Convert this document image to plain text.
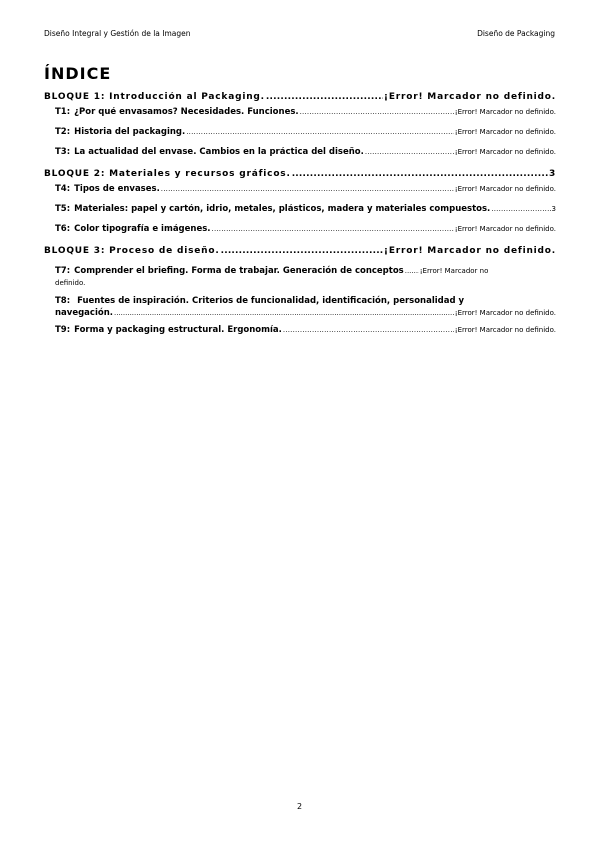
Diseño Integral y Gestión de la Imagen	Diseño de Packaging
ÍNDICE
BLOQUE 1: Introducción al Packaging. .....	¡Error! Marcador no definido.
T1: ¿Por qué envasamos? Necesidades. Funciones. .....	¡Error! Marcador no definido.
T2: Historia del packaging. .....	¡Error! Marcador no definido.
T3: La actualidad del envase. Cambios en la práctica del diseño. .....	¡Error! Marcador no definido.
BLOQUE 2: Materiales y recursos gráficos. .....	3
T4: Tipos de envases. .....	¡Error! Marcador no definido.
T5: Materiales: papel y cartón, idrio, metales, plásticos, madera y materiales compuestos. .....	3
T6: Color tipografía e imágenes. .....	¡Error! Marcador no definido.
BLOQUE 3: Proceso de diseño. .....	¡Error! Marcador no definido.
T7: Comprender el briefing. Forma de trabajar. Generación de conceptos ..... ¡Error! Marcador no
definido.
T8: Fuentes de inspiración. Criterios de funcionalidad, identificación, personalidad y
navegación. .....	¡Error! Marcador no definido.
T9: Forma y packaging estructural. Ergonomía. .....	¡Error! Marcador no definido.
2
